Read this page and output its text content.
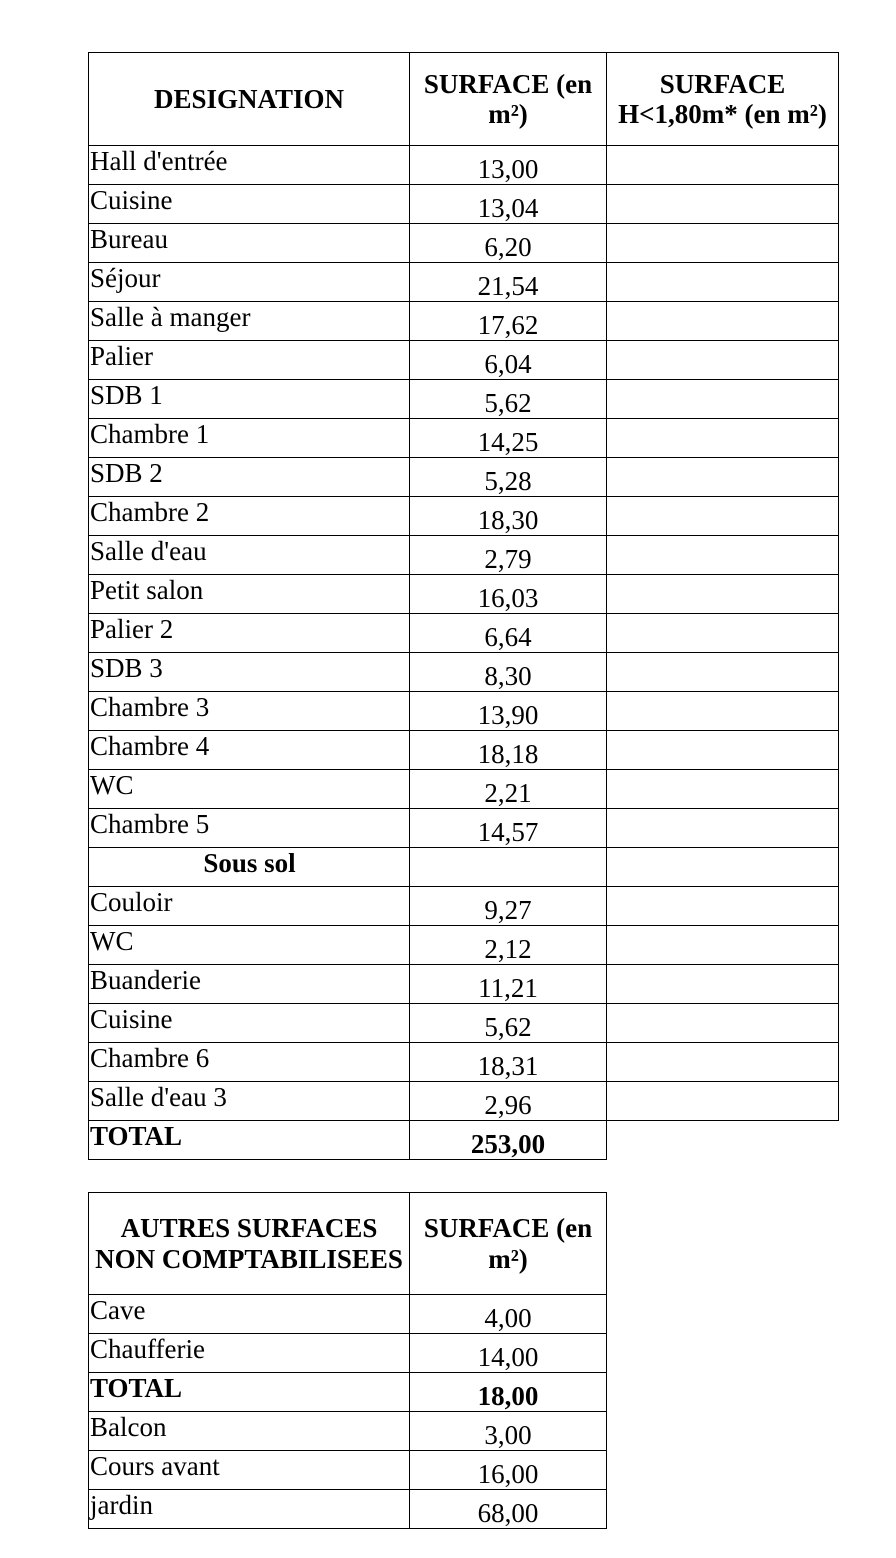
DESIGNATION	SURFACE (en m²)	SURFACE H<1,80m* (en m²)
Hall d'entrée	13,00	
Cuisine	13,04	
Bureau	6,20	
Séjour	21,54	
Salle à manger	17,62	
Palier	6,04	
SDB 1	5,62	
Chambre 1	14,25	
SDB 2	5,28	
Chambre 2	18,30	
Salle d'eau	2,79	
Petit salon	16,03	
Palier 2	6,64	
SDB 3	8,30	
Chambre 3	13,90	
Chambre 4	18,18	
WC	2,21	
Chambre 5	14,57	
Sous sol		
Couloir	9,27	
WC	2,12	
Buanderie	11,21	
Cuisine	5,62	
Chambre 6	18,31	
Salle d'eau 3	2,96	
TOTAL	253,00	
AUTRES SURFACES NON COMPTABILISEES	SURFACE (en m²)
Cave	4,00
Chaufferie	14,00
TOTAL	18,00
Balcon	3,00
Cours avant	16,00
jardin	68,00
